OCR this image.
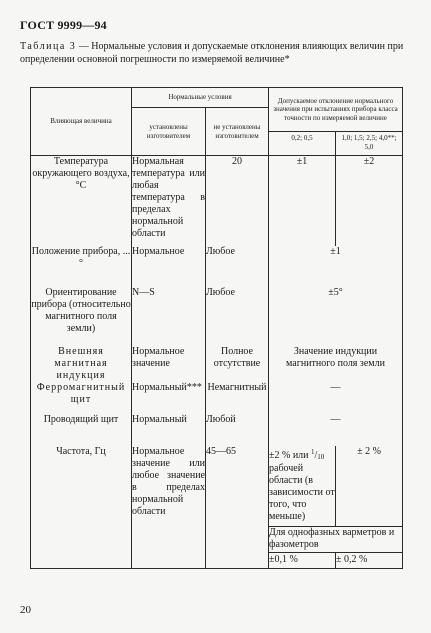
ГОСТ 9999—94
Таблица 3 — Нормальные условия и допускаемые отклонения влияющих величин при определении основной погрешности по измеряемой величине*
Влияющая величина	Нормальные условия		Допускаемое отклонение нормального значения при испытаниях прибора класса точности по измеряемой величине	
	установлены изготовителем	не установлены изготовителем		
			0,2; 0,5	1,0; 1,5; 2,5; 4,0**; 5,0
Температура окружающего воздуха, °С	Нормальная температура или любая температура в пределах нормальной области	20	±1	±2
Положение прибора, ...°	Нормальное	Любое	±1	
Ориентирование прибора (относительно магнитного поля земли)	N—S	Любое	±5°	
Внешняя магнитная индукция	Нормальное значение	Полное отсутствие	Значение индукции магнитного поля земли	
Ферромагнитный щит	Нормальный***	Немагнитный	—	
Проводящий щит	Нормальный	Любой	—	
Частота, Гц	Нормальное значение или любое значение в пределах нормальной области	45—65	±2 % или $^1$/10 рабочей области (в зависимости от того, что меньше)	± 2 %
			Для однофазных варметров и фазометров	
			±0,1 %	± 0,2 %
20
